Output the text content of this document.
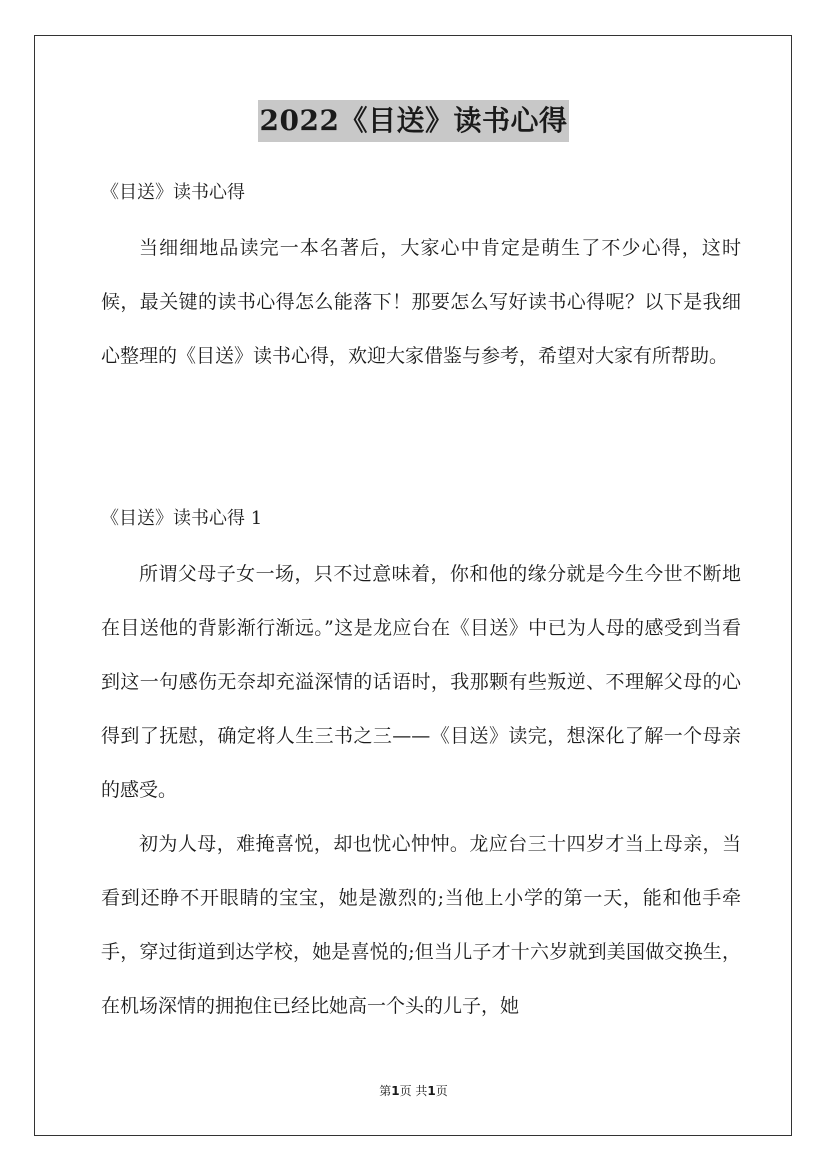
2022《目送》读书心得
《目送》读书心得

当细细地品读完一本名著后，大家心中肯定是萌生了不少心得，这时候，最关键的读书心得怎么能落下！那要怎么写好读书心得呢？以下是我细心整理的《目送》读书心得，欢迎大家借鉴与参考，希望对大家有所帮助。

《目送》读书心得 1

所谓父母子女一场，只不过意味着，你和他的缘分就是今生今世不断地在目送他的背影渐行渐远。”这是龙应台在《目送》中已为人母的感受到当看到这一句感伤无奈却充溢深情的话语时，我那颗有些叛逆、不理解父母的心得到了抚慰，确定将人生三书之三——《目送》读完，想深化了解一个母亲的感受。

初为人母，难掩喜悦，却也忧心忡忡。龙应台三十四岁才当上母亲，当看到还睁不开眼睛的宝宝，她是激烈的;当他上小学的第一天，能和他手牵手，穿过街道到达学校，她是喜悦的;但当儿子才十六岁就到美国做交换生，在机场深情的拥抱住已经比她高一个头的儿子，她

第1页 共1页
